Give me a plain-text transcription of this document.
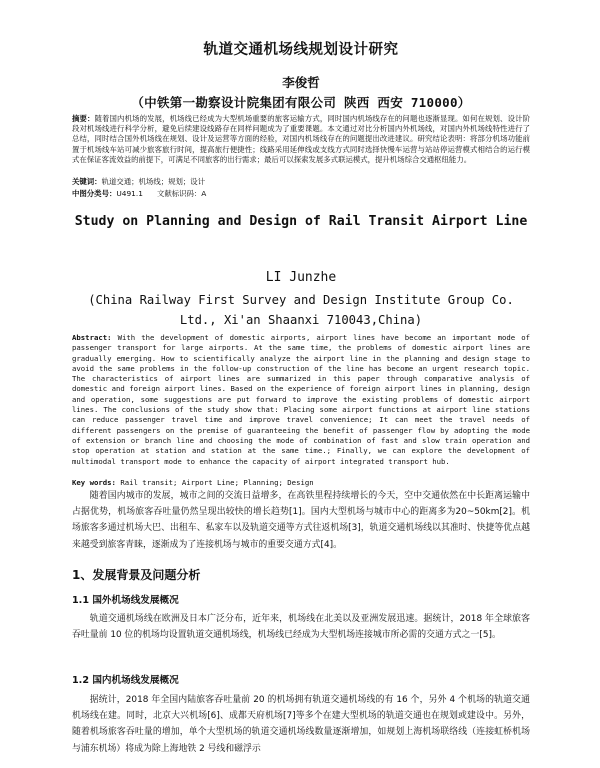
轨道交通机场线规划设计研究
李俊哲
（中铁第一勘察设计院集团有限公司 陕西 西安 710000）

摘要：随着国内机场的发展，机场线已经成为大型机场重要的旅客运输方式，同时国内机场线存在的问题也逐渐显现。如何在规划、设计阶段对机场线进行科学分析，避免后续建设线路存在同样问题成为了重要课题。本文通过对比分析国内外机场线，对国内外机场线特性进行了总结，同时结合国外机场线在规划、设计及运营等方面的经验，对国内机场线存在的问题提出改进建议。研究结论表明：将部分机场功能前置于机场线车站可减少旅客旅行时间，提高旅行便捷性；线路采用延伸线或支线方式同时选择快慢车运营与站站停运营模式相结合的运行模式在保证客流效益的前提下，可满足不同旅客的出行需求；最后可以探索发展多式联运模式，提升机场综合交通枢纽能力。

关键词：轨道交通；机场线；规划；设计

中图分类号：U491.1 文献标识码：A

Study on Planning and Design of Rail Transit Airport Line
LI Junzhe
(China Railway First Survey and Design Institute Group Co. Ltd., Xi'an Shaanxi 710043,China)

Abstract: With the development of domestic airports, airport lines have become an important mode of passenger transport for large airports. At the same time, the problems of domestic airport lines are gradually emerging. How to scientifically analyze the airport line in the planning and design stage to avoid the same problems in the follow-up construction of the line has become an urgent research topic. The characteristics of airport lines are summarized in this paper through comparative analysis of domestic and foreign airport lines. Based on the experience of foreign airport lines in planning, design and operation, some suggestions are put forward to improve the existing problems of domestic airport lines. The conclusions of the study show that: Placing some airport functions at airport line stations can reduce passenger travel time and improve travel convenience; It can meet the travel needs of different passengers on the premise of guaranteeing the benefit of passenger flow by adopting the mode of extension or branch line and choosing the mode of combination of fast and slow train operation and stop operation at station and station at the same time.; Finally, we can explore the development of multimodal transport mode to enhance the capacity of airport integrated transport hub.

Key words: Rail transit; Airport Line; Planning; Design

随着国内城市的发展，城市之间的交流日益增多，在高铁里程持续增长的今天，空中交通依然在中长距离运输中占据优势，机场旅客吞吐量仍然呈现出较快的增长趋势[1]。国内大型机场与城市中心的距离多为20~50km[2]。机场旅客多通过机场大巴、出租车、私家车以及轨道交通等方式往返机场[3]，轨道交通机场线以其准时、快捷等优点越来越受到旅客青睐，逐渐成为了连接机场与城市的重要交通方式[4]。

1、发展背景及问题分析
1.1 国外机场线发展概况

轨道交通机场线在欧洲及日本广泛分布，近年来，机场线在北美以及亚洲发展迅速。据统计，2018 年全球旅客吞吐量前 10 位的机场均设置轨道交通机场线，机场线已经成为大型机场连接城市所必需的交通方式之一[5]。

1.2 国内机场线发展概况

据统计，2018 年全国内陆旅客吞吐量前 20 的机场拥有轨道交通机场线的有 16 个，另外 4 个机场的轨道交通机场线在建。同时，北京大兴机场[6]、成都天府机场[7]等多个在建大型机场的轨道交通也在规划或建设中。另外，随着机场旅客吞吐量的增加，单个大型机场的轨道交通机场线数量逐渐增加，如规划上海机场联络线（连接虹桥机场与浦东机场）将成为除上海地铁 2 号线和磁浮示
